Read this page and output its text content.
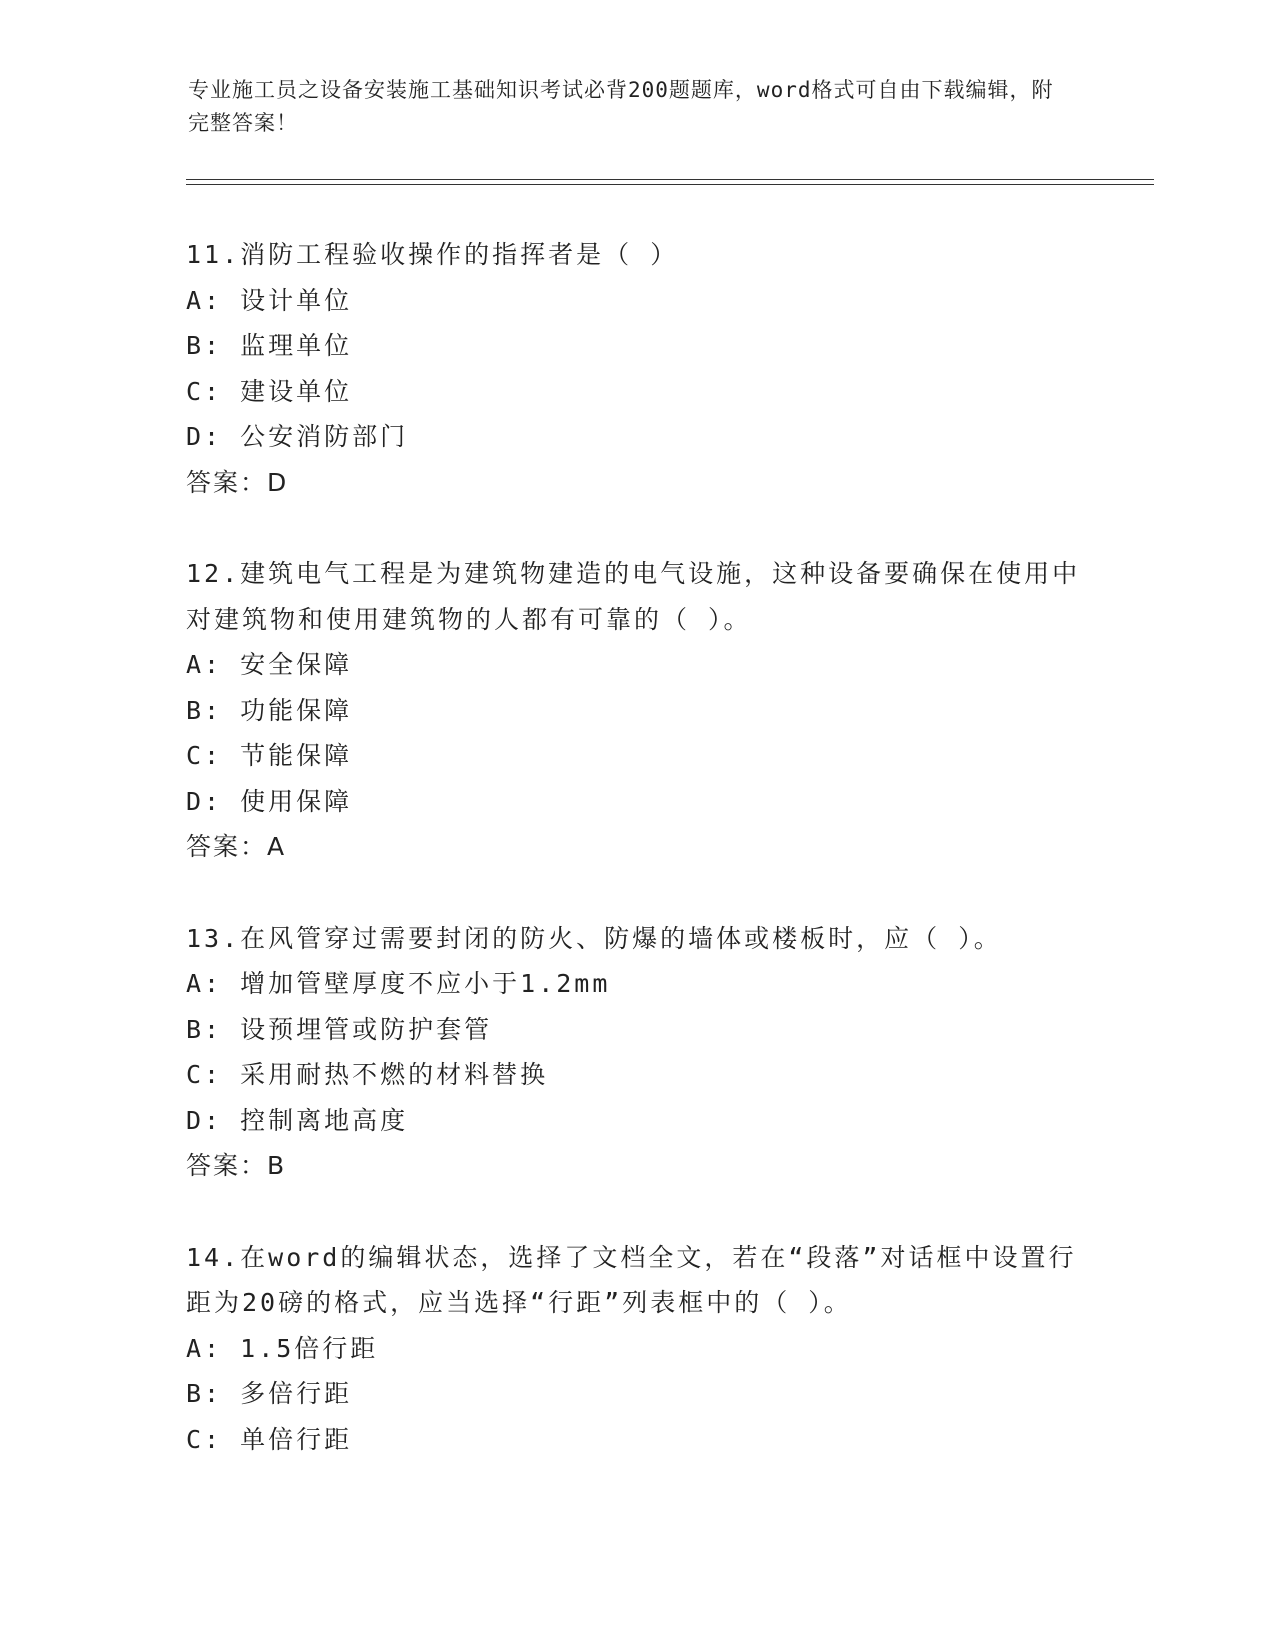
专业施工员之设备安装施工基础知识考试必背200题题库，word格式可自由下载编辑，附完整答案！
11.消防工程验收操作的指挥者是（ ）
A: 设计单位
B: 监理单位
C: 建设单位
D: 公安消防部门
答案：D
12.建筑电气工程是为建筑物建造的电气设施，这种设备要确保在使用中对建筑物和使用建筑物的人都有可靠的（ ）。
A: 安全保障
B: 功能保障
C: 节能保障
D: 使用保障
答案：A
13.在风管穿过需要封闭的防火、防爆的墙体或楼板时，应（ ）。
A: 增加管壁厚度不应小于1.2mm
B: 设预埋管或防护套管
C: 采用耐热不燃的材料替换
D: 控制离地高度
答案：B
14.在word的编辑状态，选择了文档全文，若在“段落”对话框中设置行距为20磅的格式，应当选择“行距”列表框中的（ ）。
A: 1.5倍行距
B: 多倍行距
C: 单倍行距
